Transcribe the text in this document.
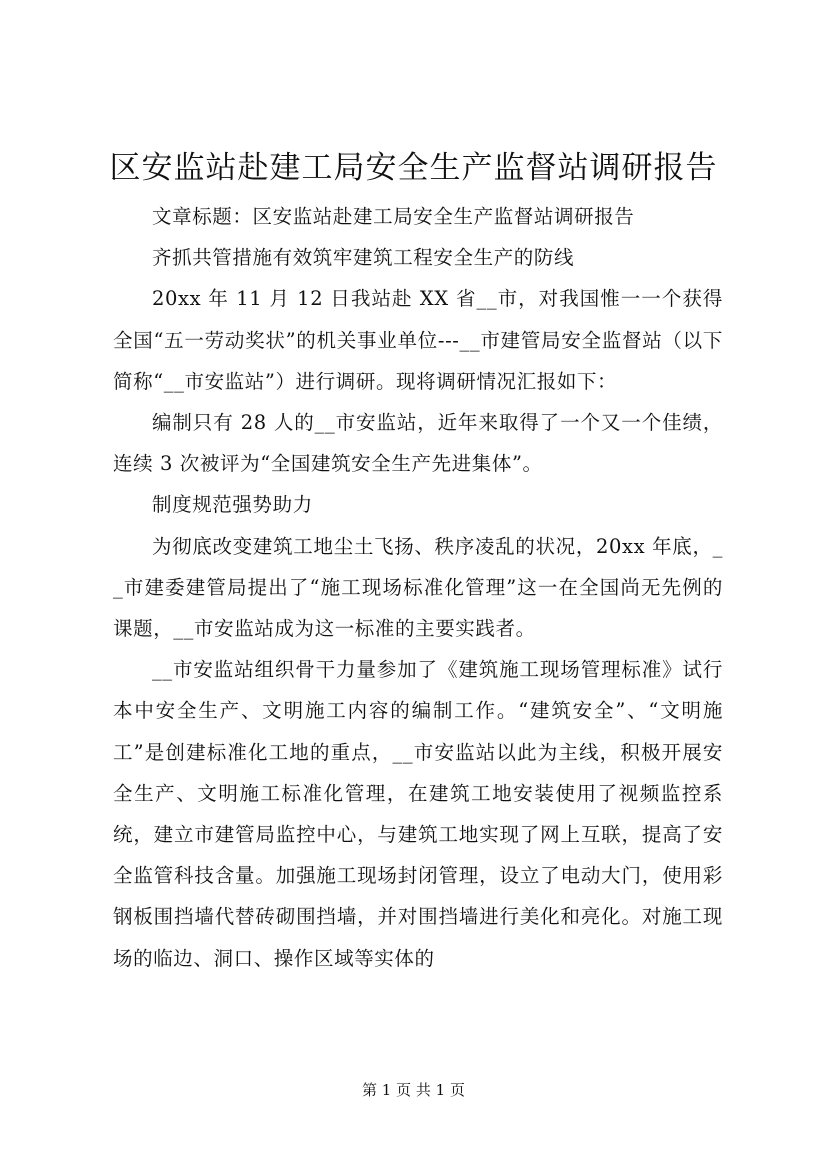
区安监站赴建工局安全生产监督站调研报告

文章标题：区安监站赴建工局安全生产监督站调研报告

齐抓共管措施有效筑牢建筑工程安全生产的防线

20xx 年 11 月 12 日我站赴 XX 省__市，对我国惟一一个获得全国“五一劳动奖状”的机关事业单位---__市建管局安全监督站（以下简称“__市安监站”）进行调研。现将调研情况汇报如下：

编制只有 28 人的__市安监站，近年来取得了一个又一个佳绩，连续 3 次被评为“全国建筑安全生产先进集体”。

制度规范强势助力

为彻底改变建筑工地尘土飞扬、秩序凌乱的状况，20xx 年底，__市建委建管局提出了“施工现场标准化管理”这一在全国尚无先例的课题，__市安监站成为这一标准的主要实践者。

__市安监站组织骨干力量参加了《建筑施工现场管理标准》试行本中安全生产、文明施工内容的编制工作。“建筑安全”、“文明施工”是创建标准化工地的重点，__市安监站以此为主线，积极开展安全生产、文明施工标准化管理，在建筑工地安装使用了视频监控系统，建立市建管局监控中心，与建筑工地实现了网上互联，提高了安全监管科技含量。加强施工现场封闭管理，设立了电动大门，使用彩钢板围挡墙代替砖砌围挡墙，并对围挡墙进行美化和亮化。对施工现场的临边、洞口、操作区域等实体的

第 1 页 共 1 页
